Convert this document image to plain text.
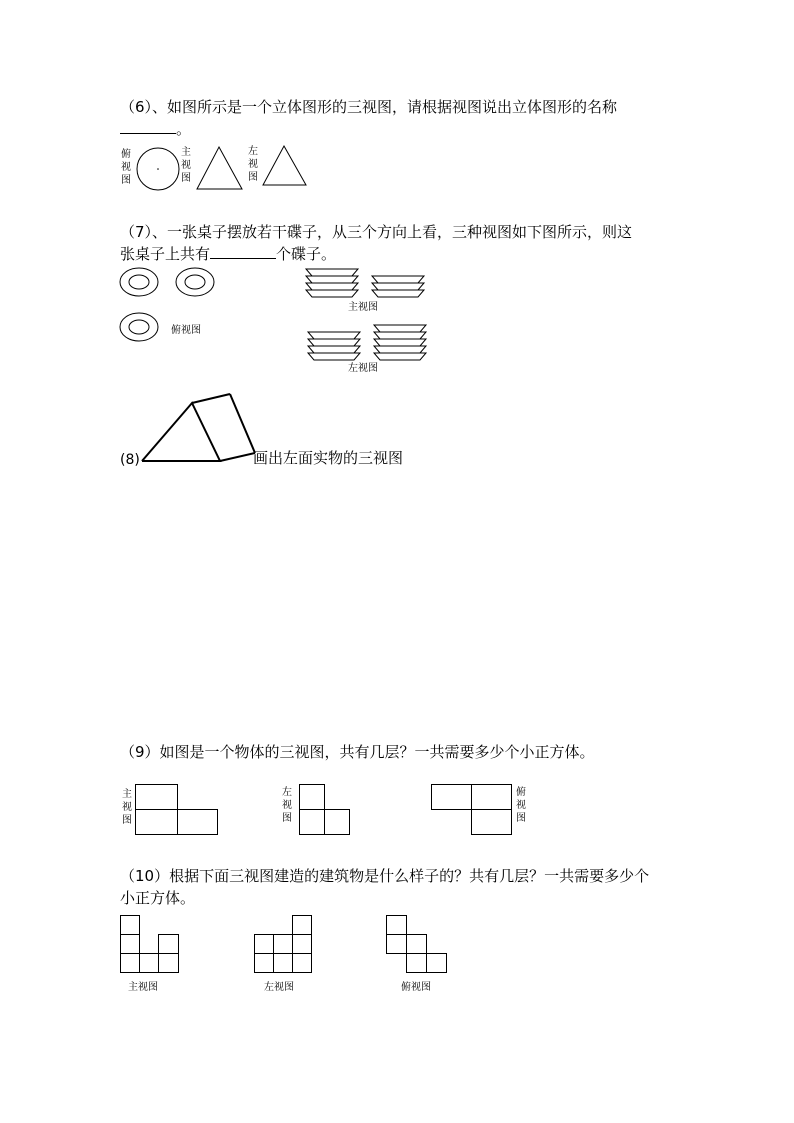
（6）、如图所示是一个立体图形的三视图，请根据视图说出立体图形的名称
。
俯
视
图
主
视
图
左
视
图
（7）、一张桌子摆放若干碟子，从三个方向上看，三种视图如下图所示，则这
张桌子上共有	个碟子。
俯视图
主视图
左视图
(8)	画出左面实物的三视图
（9）如图是一个物体的三视图，共有几层？一共需要多少个小正方体。
主
视
图
左
视
图
俯
视
图
（10）根据下面三视图建造的建筑物是什么样子的？共有几层？一共需要多少个
小正方体。
主视图	左视图	俯视图
